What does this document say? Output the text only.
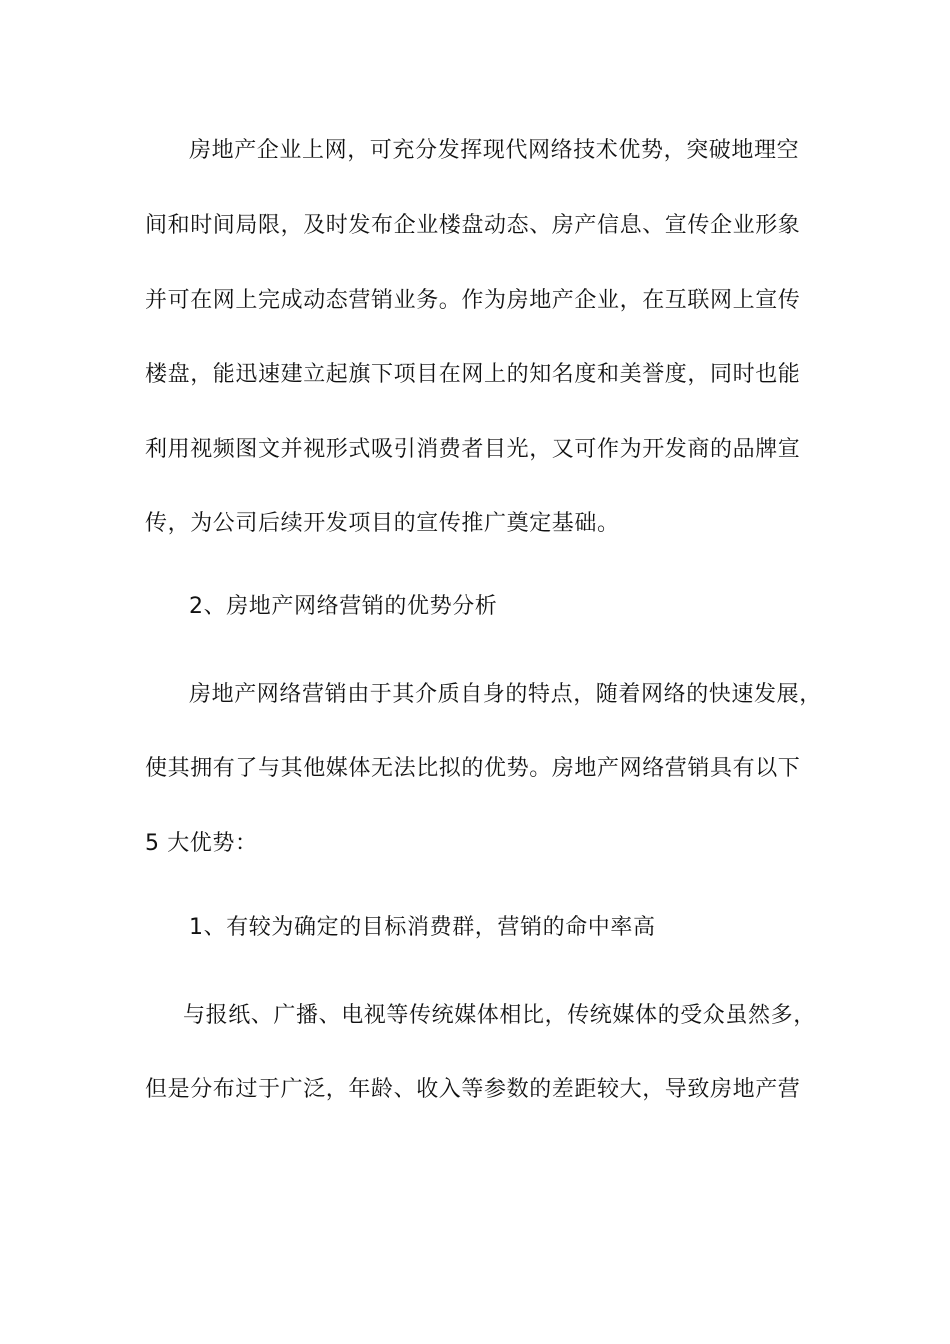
房地产企业上网，可充分发挥现代网络技术优势，突破地理空
间和时间局限，及时发布企业楼盘动态、房产信息、宣传企业形象
并可在网上完成动态营销业务。作为房地产企业，在互联网上宣传
楼盘，能迅速建立起旗下项目在网上的知名度和美誉度，同时也能
利用视频图文并视形式吸引消费者目光，又可作为开发商的品牌宣
传，为公司后续开发项目的宣传推广奠定基础。
2、房地产网络营销的优势分析
房地产网络营销由于其介质自身的特点，随着网络的快速发展，
使其拥有了与其他媒体无法比拟的优势。房地产网络营销具有以下
5 大优势：
1、有较为确定的目标消费群，营销的命中率高
与报纸、广播、电视等传统媒体相比，传统媒体的受众虽然多，
但是分布过于广泛，年龄、收入等参数的差距较大，导致房地产营
